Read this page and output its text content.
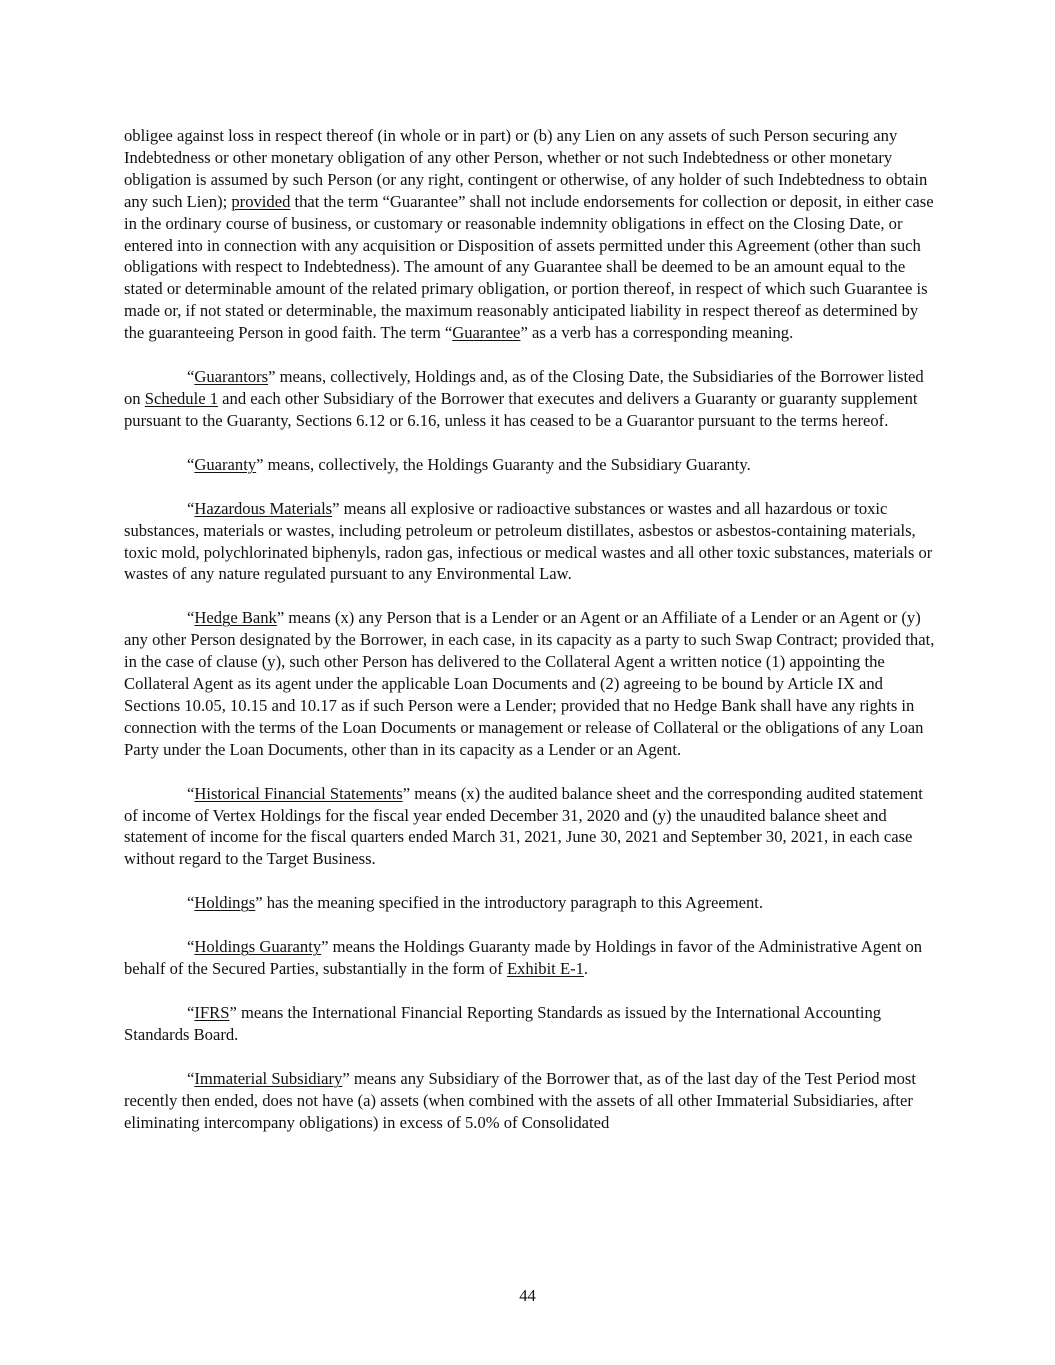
obligee against loss in respect thereof (in whole or in part) or (b) any Lien on any assets of such Person securing any Indebtedness or other monetary obligation of any other Person, whether or not such Indebtedness or other monetary obligation is assumed by such Person (or any right, contingent or otherwise, of any holder of such Indebtedness to obtain any such Lien); provided that the term “Guarantee” shall not include endorsements for collection or deposit, in either case in the ordinary course of business, or customary or reasonable indemnity obligations in effect on the Closing Date, or entered into in connection with any acquisition or Disposition of assets permitted under this Agreement (other than such obligations with respect to Indebtedness). The amount of any Guarantee shall be deemed to be an amount equal to the stated or determinable amount of the related primary obligation, or portion thereof, in respect of which such Guarantee is made or, if not stated or determinable, the maximum reasonably anticipated liability in respect thereof as determined by the guaranteeing Person in good faith. The term “Guarantee” as a verb has a corresponding meaning.

“Guarantors” means, collectively, Holdings and, as of the Closing Date, the Subsidiaries of the Borrower listed on Schedule 1 and each other Subsidiary of the Borrower that executes and delivers a Guaranty or guaranty supplement pursuant to the Guaranty, Sections 6.12 or 6.16, unless it has ceased to be a Guarantor pursuant to the terms hereof.

“Guaranty” means, collectively, the Holdings Guaranty and the Subsidiary Guaranty.

“Hazardous Materials” means all explosive or radioactive substances or wastes and all hazardous or toxic substances, materials or wastes, including petroleum or petroleum distillates, asbestos or asbestos-containing materials, toxic mold, polychlorinated biphenyls, radon gas, infectious or medical wastes and all other toxic substances, materials or wastes of any nature regulated pursuant to any Environmental Law.

“Hedge Bank” means (x) any Person that is a Lender or an Agent or an Affiliate of a Lender or an Agent or (y) any other Person designated by the Borrower, in each case, in its capacity as a party to such Swap Contract; provided that, in the case of clause (y), such other Person has delivered to the Collateral Agent a written notice (1) appointing the Collateral Agent as its agent under the applicable Loan Documents and (2) agreeing to be bound by Article IX and Sections 10.05, 10.15 and 10.17 as if such Person were a Lender; provided that no Hedge Bank shall have any rights in connection with the terms of the Loan Documents or management or release of Collateral or the obligations of any Loan Party under the Loan Documents, other than in its capacity as a Lender or an Agent.

“Historical Financial Statements” means (x) the audited balance sheet and the corresponding audited statement of income of Vertex Holdings for the fiscal year ended December 31, 2020 and (y) the unaudited balance sheet and statement of income for the fiscal quarters ended March 31, 2021, June 30, 2021 and September 30, 2021, in each case without regard to the Target Business.

“Holdings” has the meaning specified in the introductory paragraph to this Agreement.

“Holdings Guaranty” means the Holdings Guaranty made by Holdings in favor of the Administrative Agent on behalf of the Secured Parties, substantially in the form of Exhibit E-1.

“IFRS” means the International Financial Reporting Standards as issued by the International Accounting Standards Board.

“Immaterial Subsidiary” means any Subsidiary of the Borrower that, as of the last day of the Test Period most recently then ended, does not have (a) assets (when combined with the assets of all other Immaterial Subsidiaries, after eliminating intercompany obligations) in excess of 5.0% of Consolidated

44
